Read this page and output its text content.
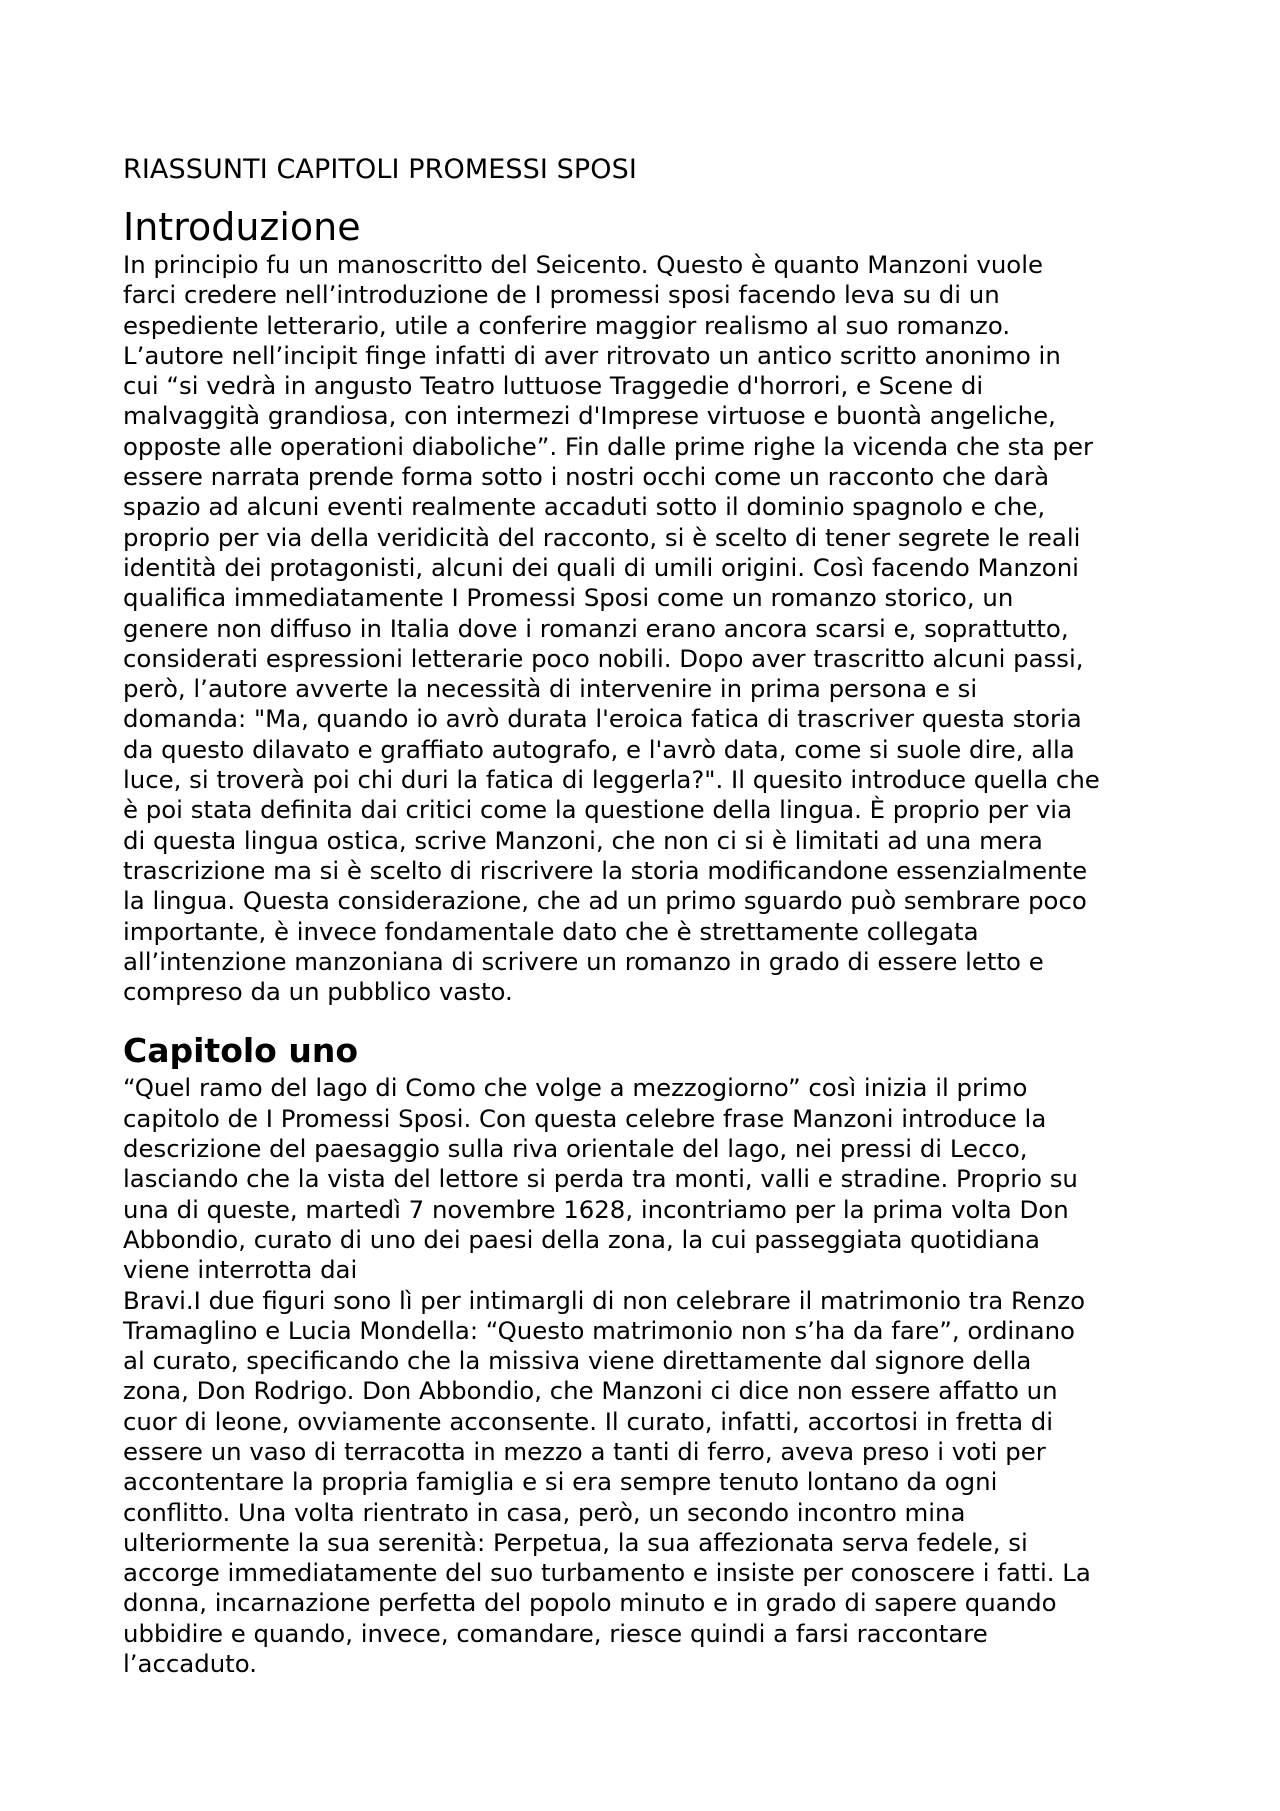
RIASSUNTI CAPITOLI PROMESSI SPOSI
Introduzione
In principio fu un manoscritto del Seicento. Questo è quanto Manzoni vuole
farci credere nell’introduzione de I promessi sposi facendo leva su di un
espediente letterario, utile a conferire maggior realismo al suo romanzo.
L’autore nell’incipit finge infatti di aver ritrovato un antico scritto anonimo in
cui “si vedrà in angusto Teatro luttuose Traggedie d'horrori, e Scene di
malvaggità grandiosa, con intermezi d'Imprese virtuose e buontà angeliche,
opposte alle operationi diaboliche”. Fin dalle prime righe la vicenda che sta per
essere narrata prende forma sotto i nostri occhi come un racconto che darà
spazio ad alcuni eventi realmente accaduti sotto il dominio spagnolo e che,
proprio per via della veridicità del racconto, si è scelto di tener segrete le reali
identità dei protagonisti, alcuni dei quali di umili origini. Così facendo Manzoni
qualifica immediatamente I Promessi Sposi come un romanzo storico, un
genere non diffuso in Italia dove i romanzi erano ancora scarsi e, soprattutto,
considerati espressioni letterarie poco nobili. Dopo aver trascritto alcuni passi,
però, l’autore avverte la necessità di intervenire in prima persona e si
domanda: "Ma, quando io avrò durata l'eroica fatica di trascriver questa storia
da questo dilavato e graffiato autografo, e l'avrò data, come si suole dire, alla
luce, si troverà poi chi duri la fatica di leggerla?". Il quesito introduce quella che
è poi stata definita dai critici come la questione della lingua. È proprio per via
di questa lingua ostica, scrive Manzoni, che non ci si è limitati ad una mera
trascrizione ma si è scelto di riscrivere la storia modificandone essenzialmente
la lingua. Questa considerazione, che ad un primo sguardo può sembrare poco
importante, è invece fondamentale dato che è strettamente collegata
all’intenzione manzoniana di scrivere un romanzo in grado di essere letto e
compreso da un pubblico vasto.
Capitolo uno
“Quel ramo del lago di Como che volge a mezzogiorno” così inizia il primo
capitolo de I Promessi Sposi. Con questa celebre frase Manzoni introduce la
descrizione del paesaggio sulla riva orientale del lago, nei pressi di Lecco,
lasciando che la vista del lettore si perda tra monti, valli e stradine. Proprio su
una di queste, martedì 7 novembre 1628, incontriamo per la prima volta Don
Abbondio, curato di uno dei paesi della zona, la cui passeggiata quotidiana
viene interrotta dai
Bravi.I due figuri sono lì per intimargli di non celebrare il matrimonio tra Renzo
Tramaglino e Lucia Mondella: “Questo matrimonio non s’ha da fare”, ordinano
al curato, specificando che la missiva viene direttamente dal signore della
zona, Don Rodrigo. Don Abbondio, che Manzoni ci dice non essere affatto un
cuor di leone, ovviamente acconsente. Il curato, infatti, accortosi in fretta di
essere un vaso di terracotta in mezzo a tanti di ferro, aveva preso i voti per
accontentare la propria famiglia e si era sempre tenuto lontano da ogni
conflitto. Una volta rientrato in casa, però, un secondo incontro mina
ulteriormente la sua serenità: Perpetua, la sua affezionata serva fedele, si
accorge immediatamente del suo turbamento e insiste per conoscere i fatti. La
donna, incarnazione perfetta del popolo minuto e in grado di sapere quando
ubbidire e quando, invece, comandare, riesce quindi a farsi raccontare
l’accaduto.
